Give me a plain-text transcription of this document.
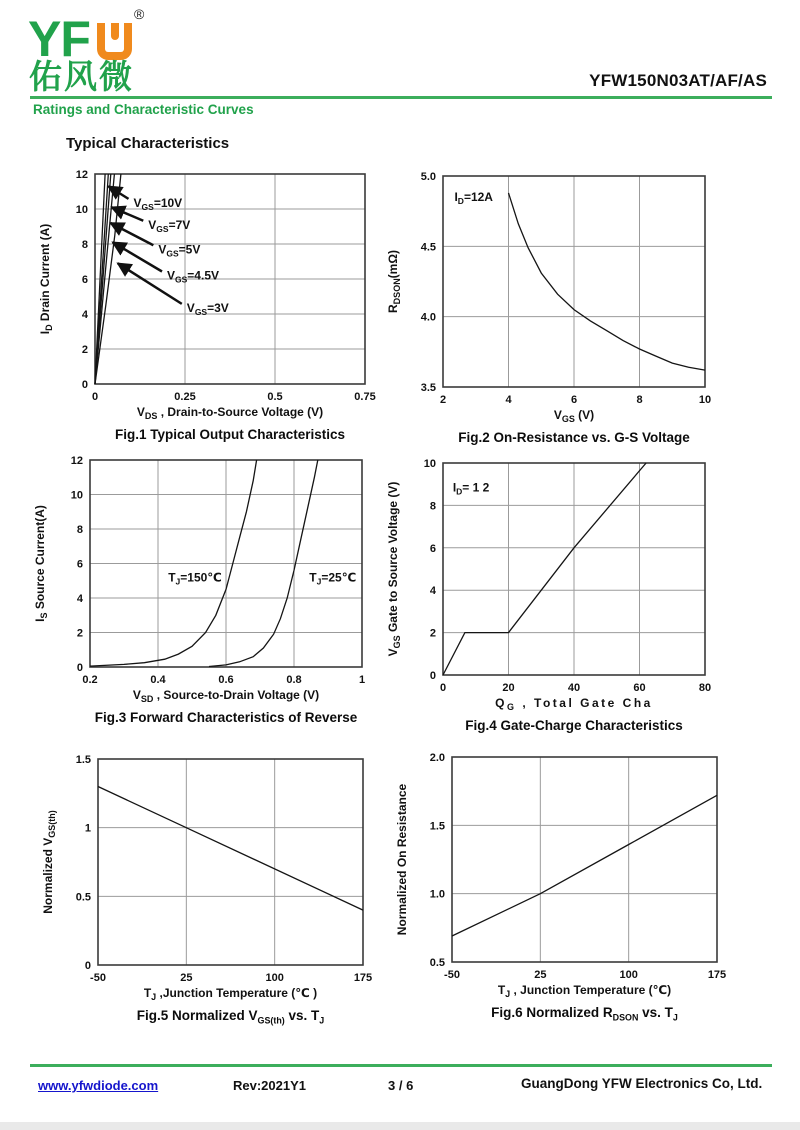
YF	®
佑风微	YFW150N03AT/AF/AS
Ratings and Characteristic Curves
Typical Characteristics
0	0.25	0.5	0.75
0
2
4
6
8
10
12
$V_{DS}$ , Drain-to-Source Voltage (V)
$I_D$ Drain Current (A)
$V_{GS}=10V$
$V_{GS}=7V$
$V_{GS}=5V$
$V_{GS}=4.5V$
$V_{GS}=3V$
Fig.1 Typical Output Characteristics
2	4	6	8	10
3.5
4.0
4.5
5.0
$V_{GS}$ (V)
$R_{DSON}(m\Omega)$
$I_D=12A$
Fig.2 On-Resistance vs. G-S Voltage
0.2	0.4	0.6	0.8	1
0
2
4
6
8
10
12
$V_{SD}$ , Source-to-Drain Voltage (V)
$I_S$ Source Current(A)	$T_J=150℃$	$T_J=25℃$
Fig.3 Forward Characteristics of Reverse
0	20	40	60	80
0
2
4
6
8
10
$Q_G$ , Total Gate Cha
$V_{GS}$ Gate to Source Voltage (V)	$I_D= 1$ 2
Fig.4 Gate-Charge Characteristics
-50	25	100	175
0
0.5
1
1.5
$T_J$ ,Junction Temperature (℃ )
Normalized $V_{GS(th)}$
Fig.5 Normalized $V_{GS(th)}$ vs. $T_J$
-50	25	100	175
0.5
1.0
1.5
2.0
$T_J$ , Junction Temperature (℃)
Normalized On Resistance
Fig.6 Normalized $R_{DSON}$ vs. $T_J$
www.yfwdiode.com	Rev:2021Y1	3 / 6	GuangDong YFW Electronics Co, Ltd.
